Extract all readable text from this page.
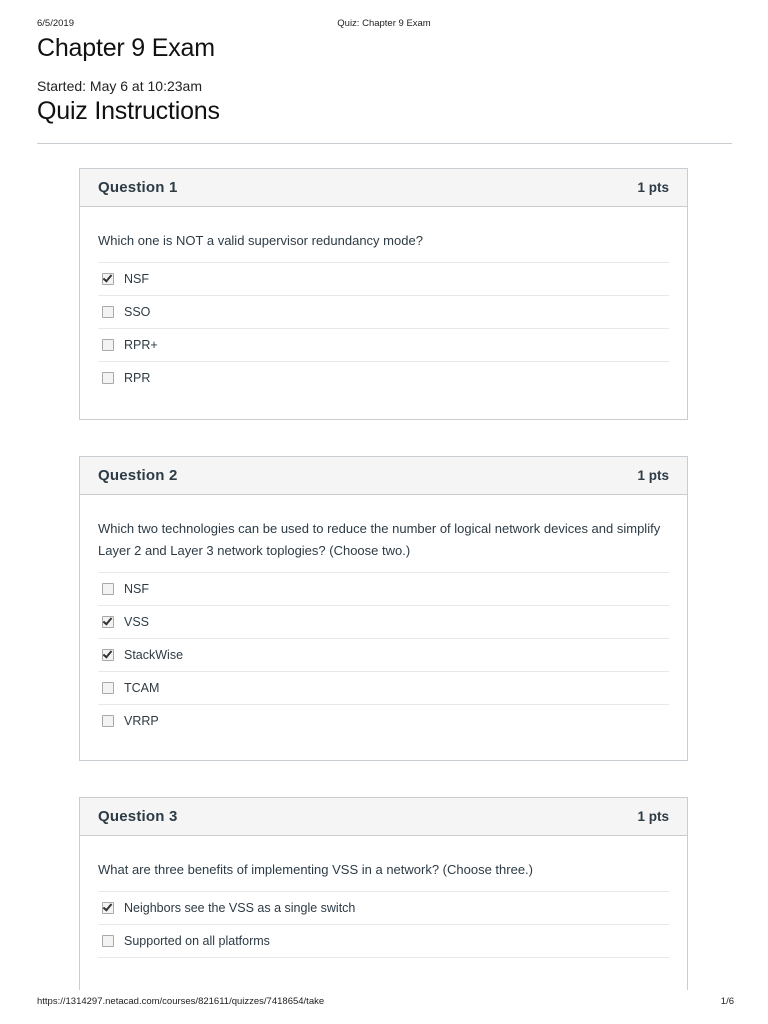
6/5/2019	Quiz: Chapter 9 Exam
Chapter 9 Exam
Started: May 6 at 10:23am
Quiz Instructions
Question 1	1 pts

Which one is NOT a valid supervisor redundancy mode?

NSF
SSO
RPR+
RPR
Question 2	1 pts

Which two technologies can be used to reduce the number of logical network devices and simplify Layer 2 and Layer 3 network toplogies? (Choose two.)

NSF
VSS
StackWise
TCAM
VRRP
Question 3	1 pts

What are three benefits of implementing VSS in a network? (Choose three.)

Neighbors see the VSS as a single switch
Supported on all platforms
https://1314297.netacad.com/courses/821611/quizzes/7418654/take	1/6
